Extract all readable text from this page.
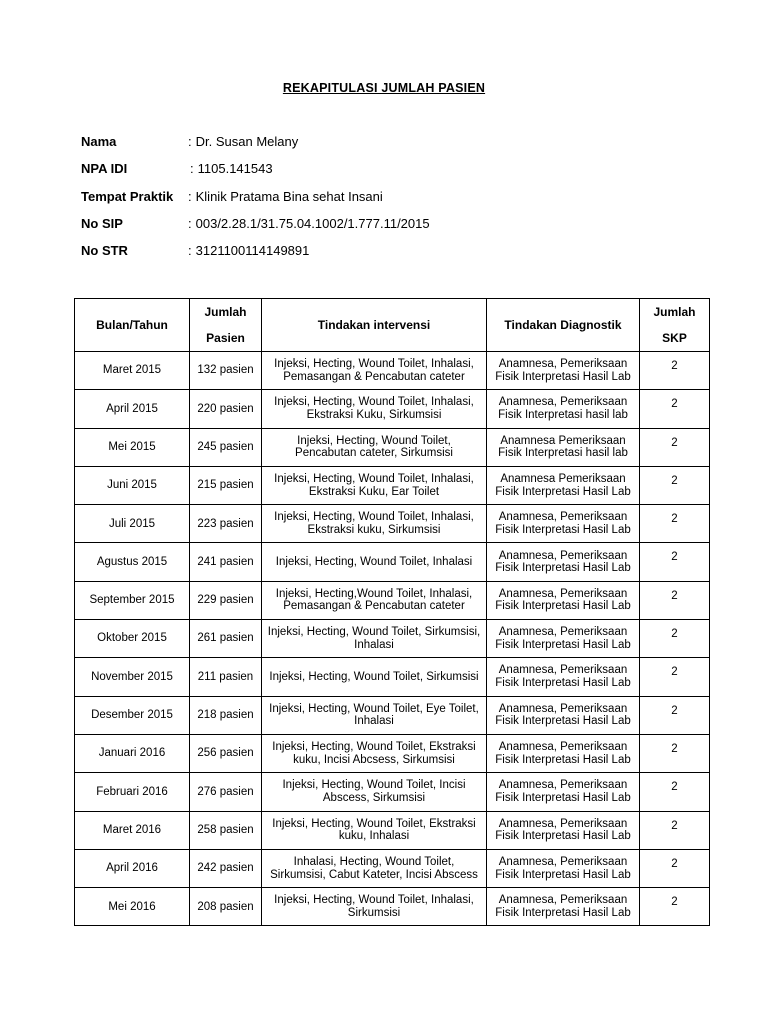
REKAPITULASI JUMLAH PASIEN
Nama	: Dr. Susan Melany
NPA IDI	: 1105.141543
Tempat Praktik : Klinik Pratama Bina sehat Insani
No SIP	: 003/2.28.1/31.75.04.1002/1.777.11/2015
No STR	: 3121100114149891
Bulan/Tahun	Jumlah Pasien	Tindakan intervensi	Tindakan Diagnostik	Jumlah SKP
Maret 2015	132 pasien	Injeksi, Hecting, Wound Toilet, Inhalasi, Pemasangan & Pencabutan cateter	Anamnesa, Pemeriksaan Fisik Interpretasi Hasil Lab	2
April 2015	220 pasien	Injeksi, Hecting, Wound Toilet, Inhalasi, Ekstraksi Kuku, Sirkumsisi	Anamnesa, Pemeriksaan Fisik Interpretasi hasil lab	2
Mei 2015	245 pasien	Injeksi, Hecting, Wound Toilet, Pencabutan cateter, Sirkumsisi	Anamnesa Pemeriksaan Fisik Interpretasi hasil lab	2
Juni 2015	215 pasien	Injeksi, Hecting, Wound Toilet, Inhalasi, Ekstraksi Kuku, Ear Toilet	Anamnesa Pemeriksaan Fisik Interpretasi Hasil Lab	2
Juli 2015	223 pasien	Injeksi, Hecting, Wound Toilet, Inhalasi, Ekstraksi kuku, Sirkumsisi	Anamnesa, Pemeriksaan Fisik Interpretasi Hasil Lab	2
Agustus 2015	241 pasien	Injeksi, Hecting, Wound Toilet, Inhalasi	Anamnesa, Pemeriksaan Fisik Interpretasi Hasil Lab	2
September 2015	229 pasien	Injeksi, Hecting,Wound Toilet, Inhalasi, Pemasangan & Pencabutan cateter	Anamnesa, Pemeriksaan Fisik Interpretasi Hasil Lab	2
Oktober 2015	261 pasien	Injeksi, Hecting, Wound Toilet, Sirkumsisi, Inhalasi	Anamnesa, Pemeriksaan Fisik Interpretasi Hasil Lab	2
November 2015	211 pasien	Injeksi, Hecting, Wound Toilet, Sirkumsisi	Anamnesa, Pemeriksaan Fisik Interpretasi Hasil Lab	2
Desember 2015	218 pasien	Injeksi, Hecting, Wound Toilet, Eye Toilet, Inhalasi	Anamnesa, Pemeriksaan Fisik Interpretasi Hasil Lab	2
Januari 2016	256 pasien	Injeksi, Hecting, Wound Toilet, Ekstraksi kuku, Incisi Abcsess, Sirkumsisi	Anamnesa, Pemeriksaan Fisik Interpretasi Hasil Lab	2
Februari 2016	276 pasien	Injeksi, Hecting, Wound Toilet, Incisi Abscess, Sirkumsisi	Anamnesa, Pemeriksaan Fisik Interpretasi Hasil Lab	2
Maret 2016	258 pasien	Injeksi, Hecting, Wound Toilet, Ekstraksi kuku, Inhalasi	Anamnesa, Pemeriksaan Fisik Interpretasi Hasil Lab	2
April 2016	242 pasien	Inhalasi, Hecting, Wound Toilet, Sirkumsisi, Cabut Kateter, Incisi Abscess	Anamnesa, Pemeriksaan Fisik Interpretasi Hasil Lab	2
Mei 2016	208 pasien	Injeksi, Hecting, Wound Toilet, Inhalasi, Sirkumsisi	Anamnesa, Pemeriksaan Fisik Interpretasi Hasil Lab	2
